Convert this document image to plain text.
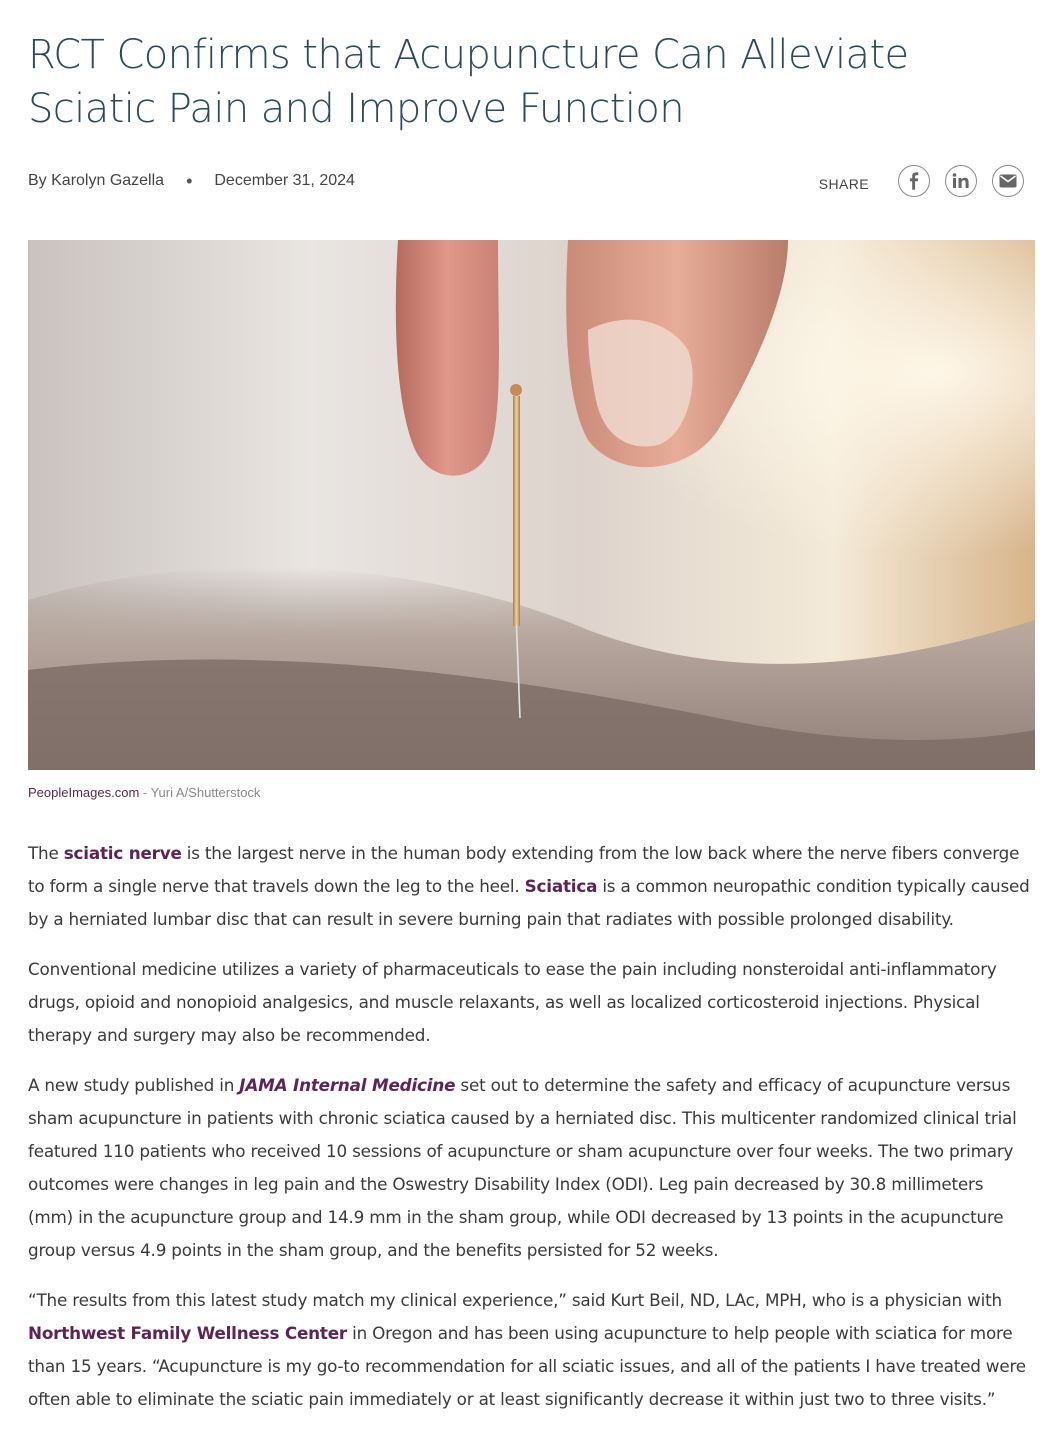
RCT Confirms that Acupuncture Can Alleviate Sciatic Pain and Improve Function
By Karolyn Gazella • December 31, 2024	SHARE
PeopleImages.com - Yuri A/Shutterstock

The sciatic nerve is the largest nerve in the human body extending from the low back where the nerve fibers converge to form a single nerve that travels down the leg to the heel. Sciatica is a common neuropathic condition typically caused by a herniated lumbar disc that can result in severe burning pain that radiates with possible prolonged disability.

Conventional medicine utilizes a variety of pharmaceuticals to ease the pain including nonsteroidal anti-inflammatory drugs, opioid and nonopioid analgesics, and muscle relaxants, as well as localized corticosteroid injections. Physical therapy and surgery may also be recommended.

A new study published in JAMA Internal Medicine set out to determine the safety and efficacy of acupuncture versus sham acupuncture in patients with chronic sciatica caused by a herniated disc. This multicenter randomized clinical trial featured 110 patients who received 10 sessions of acupuncture or sham acupuncture over four weeks. The two primary outcomes were changes in leg pain and the Oswestry Disability Index (ODI). Leg pain decreased by 30.8 millimeters (mm) in the acupuncture group and 14.9 mm in the sham group, while ODI decreased by 13 points in the acupuncture group versus 4.9 points in the sham group, and the benefits persisted for 52 weeks.

“The results from this latest study match my clinical experience,” said Kurt Beil, ND, LAc, MPH, who is a physician with Northwest Family Wellness Center in Oregon and has been using acupuncture to help people with sciatica for more than 15 years. “Acupuncture is my go-to recommendation for all sciatic issues, and all of the patients I have treated were often able to eliminate the sciatic pain immediately or at least significantly decrease it within just two to three visits.”
